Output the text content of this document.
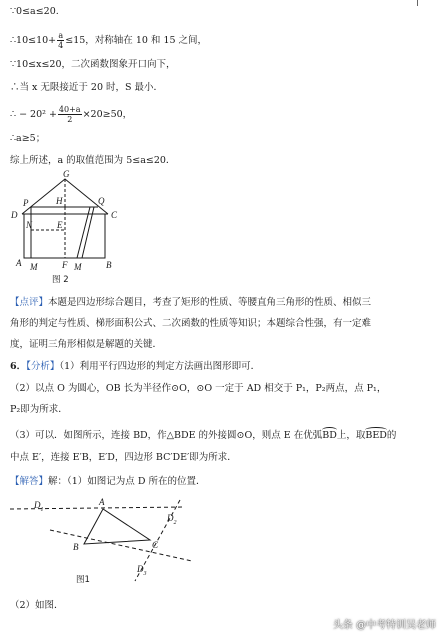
∵0≤a≤20.
∴10≤10+ $\frac{a}{4} \le 15$，对称轴在 10 和 15 之间，
∵10≤x≤20，二次函数图象开口向下，
∴当 x 无限接近于 20 时，S 最小．
∴ − $20^2 + \frac{40+a}{2} \times 20\ge 50$，
∴a≥5；
综上所述，a 的取值范围为 5≤a≤20．
G
P	H	Q
D	C
N	E
A M	F M	B
图 2
【点评】本题是四边形综合题目，考查了矩形的性质、等腰直角三角形的性质、相似三
角形的判定与性质、梯形面积公式、二次函数的性质等知识；本题综合性强，有一定难
度，证明三角形相似是解题的关键．
6．【分析】（1）利用平行四边形的判定方法画出图形即可．
（2）以点 O 为圆心，OB 长为半径作⊙O，⊙O 一定于 AD 相交于 P₁，P₂两点，点 P₁，
P₂即为所求．
（3）可以．如图所示，连接 BD，作△BDE 的外接圆⊙O，则点 E 在优弧BD上，取BED的
中点 E′，连接 E′B，E′D，四边形 BC′DE′即为所求．
【解答】解：（1）如图记为点 D 所在的位置．
$D_1$
A
$D_2$
B	C
$D_3$
图1
（2）如图．
头条 @中考特训吴老师
